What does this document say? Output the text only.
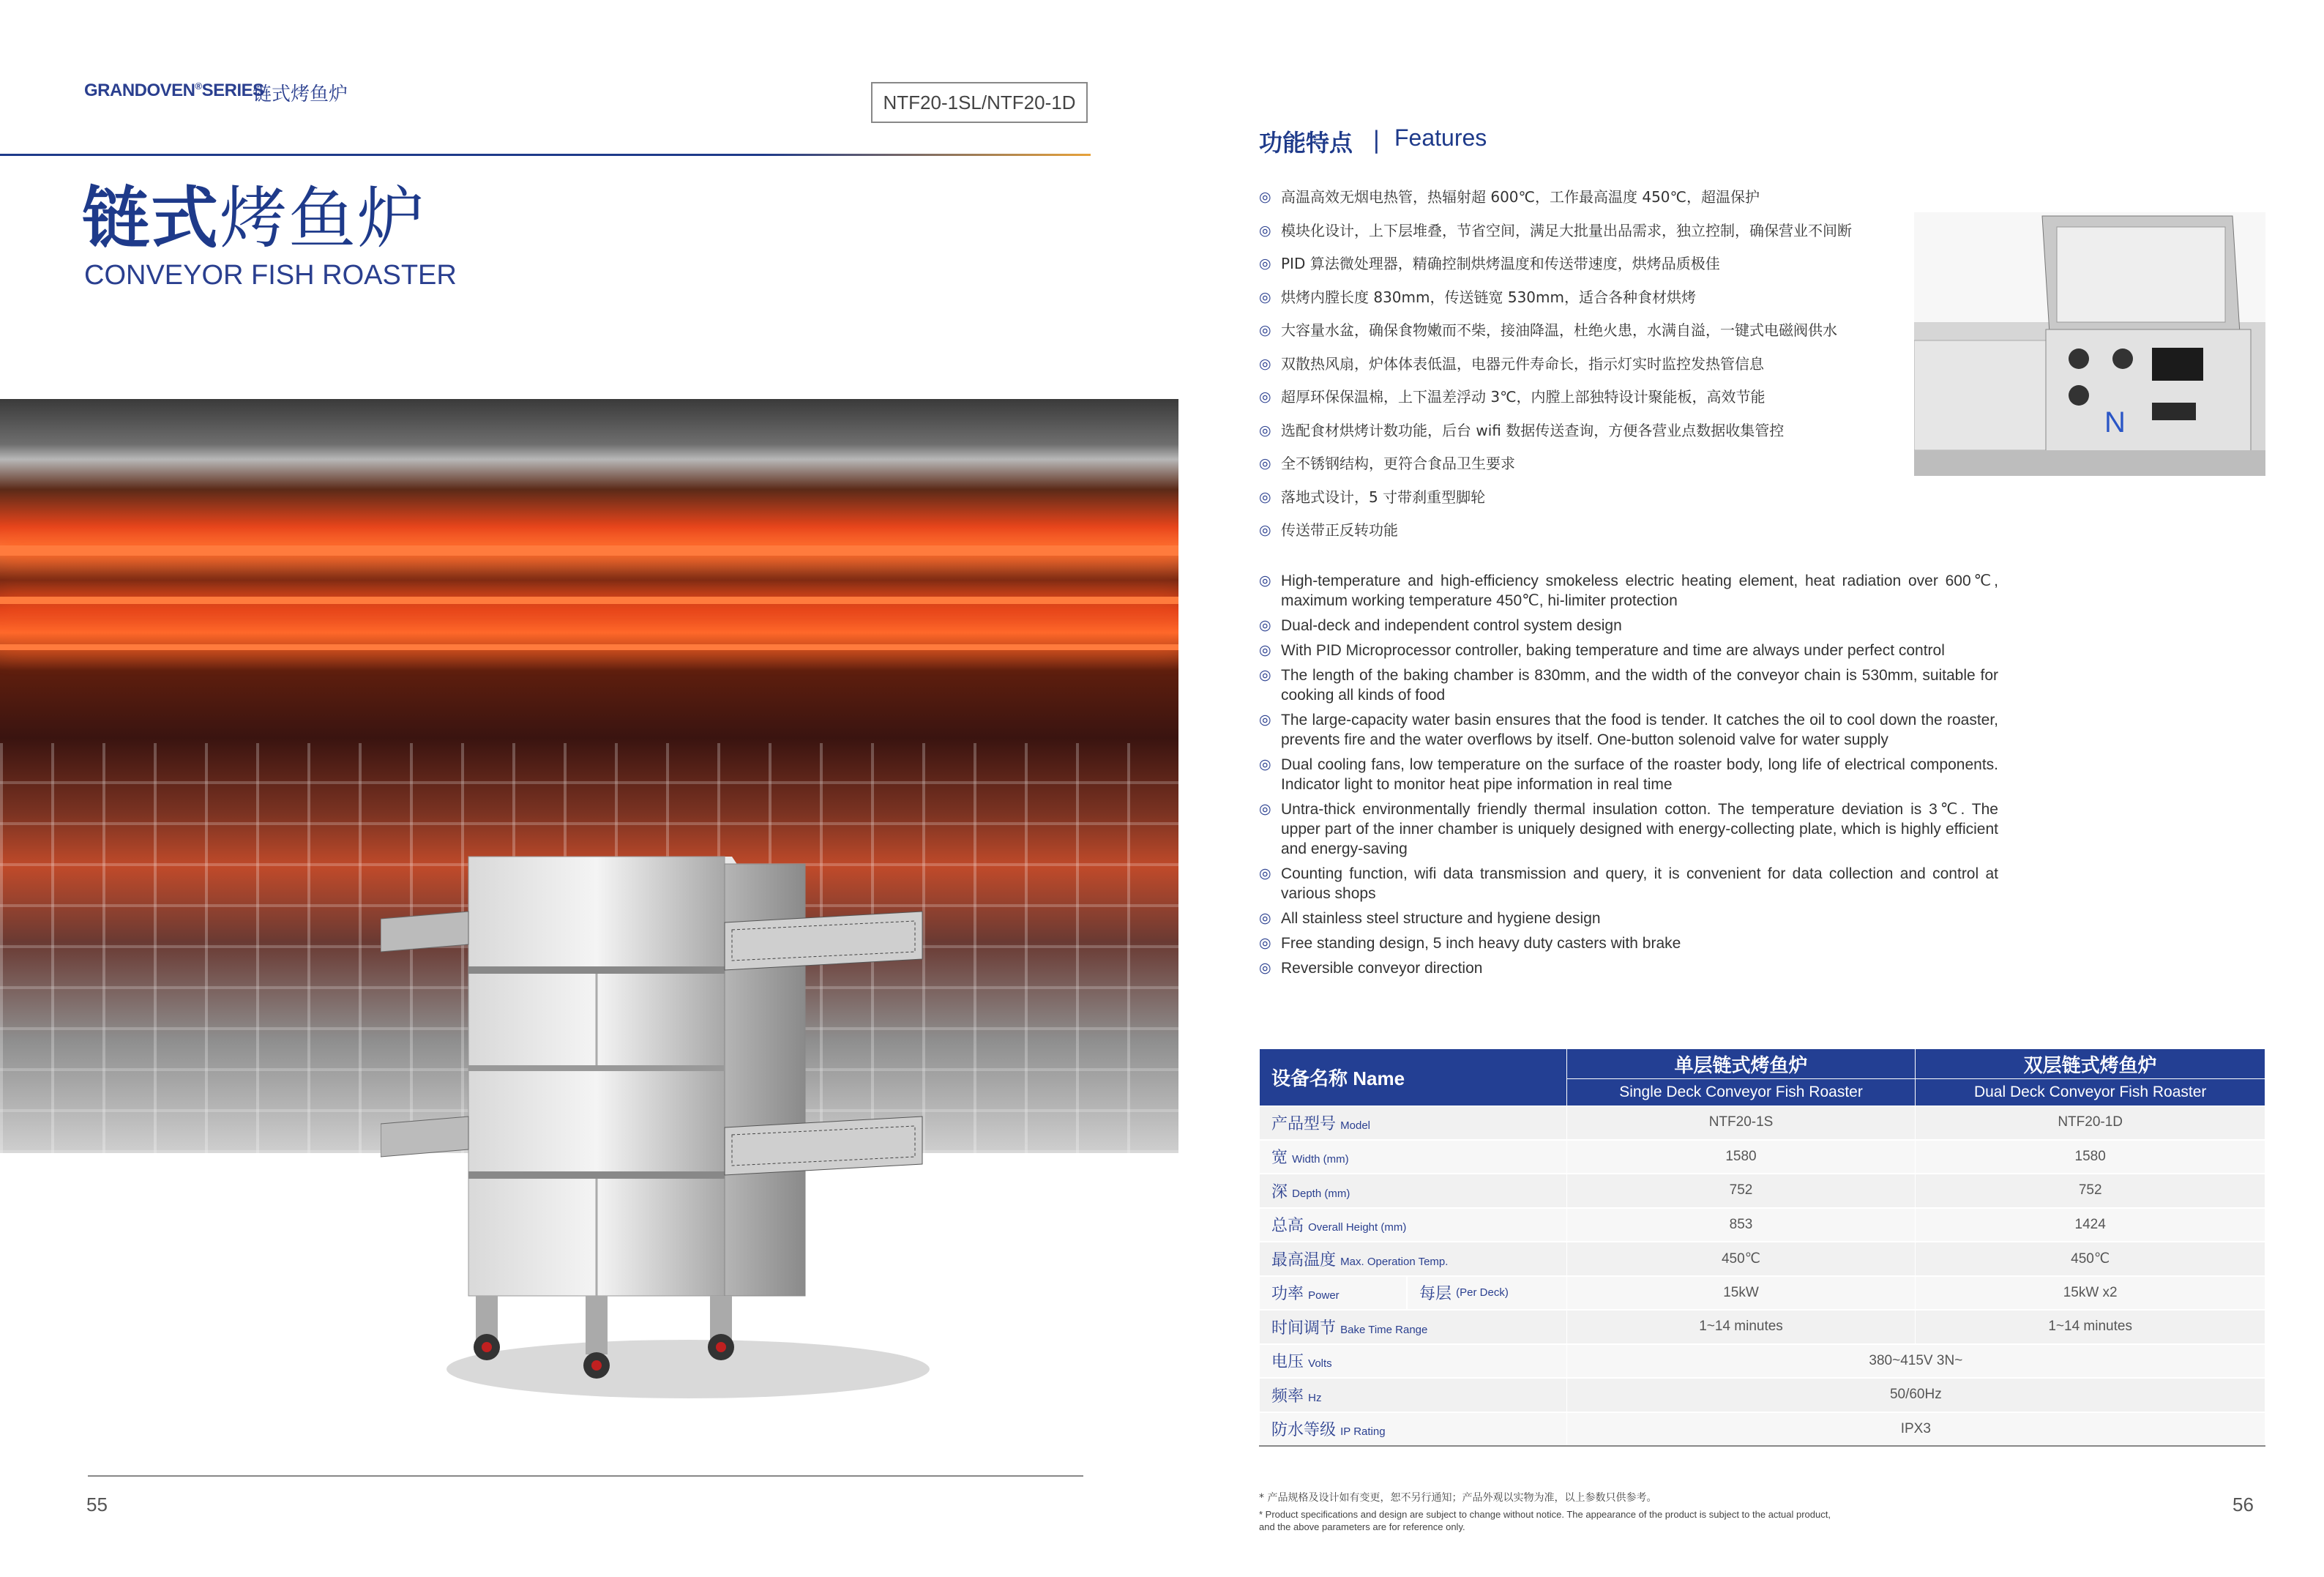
GRANDOVEN®SERIES
链式烤鱼炉	NTF20-1SL/NTF20-1D
链式烤鱼炉
CONVEYOR FISH ROASTER
55
功能特点 | Features
◎ 高温高效无烟电热管，热辐射超 600℃，工作最高温度 450℃，超温保护
◎ 模块化设计，上下层堆叠，节省空间，满足大批量出品需求，独立控制，确保营业不间断
◎ PID 算法微处理器，精确控制烘烤温度和传送带速度，烘烤品质极佳
◎ 烘烤内膛长度 830mm，传送链宽 530mm，适合各种食材烘烤
◎ 大容量水盆，确保食物嫩而不柴，接油降温，杜绝火患，水满自溢，一键式电磁阀供水
◎ 双散热风扇，炉体体表低温，电器元件寿命长，指示灯实时监控发热管信息
◎ 超厚环保保温棉，上下温差浮动 3℃，内膛上部独特设计聚能板，高效节能
◎ 选配食材烘烤计数功能，后台 wifi 数据传送查询，方便各营业点数据收集管控
◎ 全不锈钢结构，更符合食品卫生要求
◎ 落地式设计，5 寸带刹重型脚轮
◎ 传送带正反转功能
N
◎ High-temperature and high-efficiency smokeless electric heating element, heat radiation over 600℃, maximum working temperature 450℃, hi-limiter protection
◎ Dual-deck and independent control system design
◎ With PID Microprocessor controller, baking temperature and time are always under perfect control
◎ The length of the baking chamber is 830mm, and the width of the conveyor chain is 530mm, suitable for cooking all kinds of food
◎ The large-capacity water basin ensures that the food is tender. It catches the oil to cool down the roaster, prevents fire and the water overflows by itself. One-button solenoid valve for water supply
◎ Dual cooling fans, low temperature on the surface of the roaster body, long life of electrical components. Indicator light to monitor heat pipe information in real time
◎ Untra-thick environmentally friendly thermal insulation cotton. The temperature deviation is 3℃. The upper part of the inner chamber is uniquely designed with energy-collecting plate, which is highly efficient and energy-saving
◎ Counting function, wifi data transmission and query, it is convenient for data collection and control at various shops
◎ All stainless steel structure and hygiene design
◎ Free standing design, 5 inch heavy duty casters with brake
◎ Reversible conveyor direction
设备名称 Name	单层链式烤鱼炉	双层链式烤鱼炉
	Single Deck Conveyor Fish Roaster	Dual Deck Conveyor Fish Roaster
产品型号 Model	NTF20-1S	NTF20-1D
宽 Width (mm)	1580	1580
深 Depth (mm)	752	752
总高 Overall Height (mm)	853	1424
最高温度 Max. Operation Temp.	450℃	450℃
功率 Power 每层
(Per Deck)	15kW	15kW x2
时间调节 Bake Time Range	1~14 minutes	1~14 minutes
电压 Volts	380~415V 3N~	
频率 Hz	50/60Hz	
防水等级 IP Rating	IPX3	
* 产品规格及设计如有变更，恕不另行通知；产品外观以实物为准，以上参数只供参考。
* Product specifications and design are subject to change without notice. The appearance of the product is subject to the actual product, and the above parameters are for reference only.
56
